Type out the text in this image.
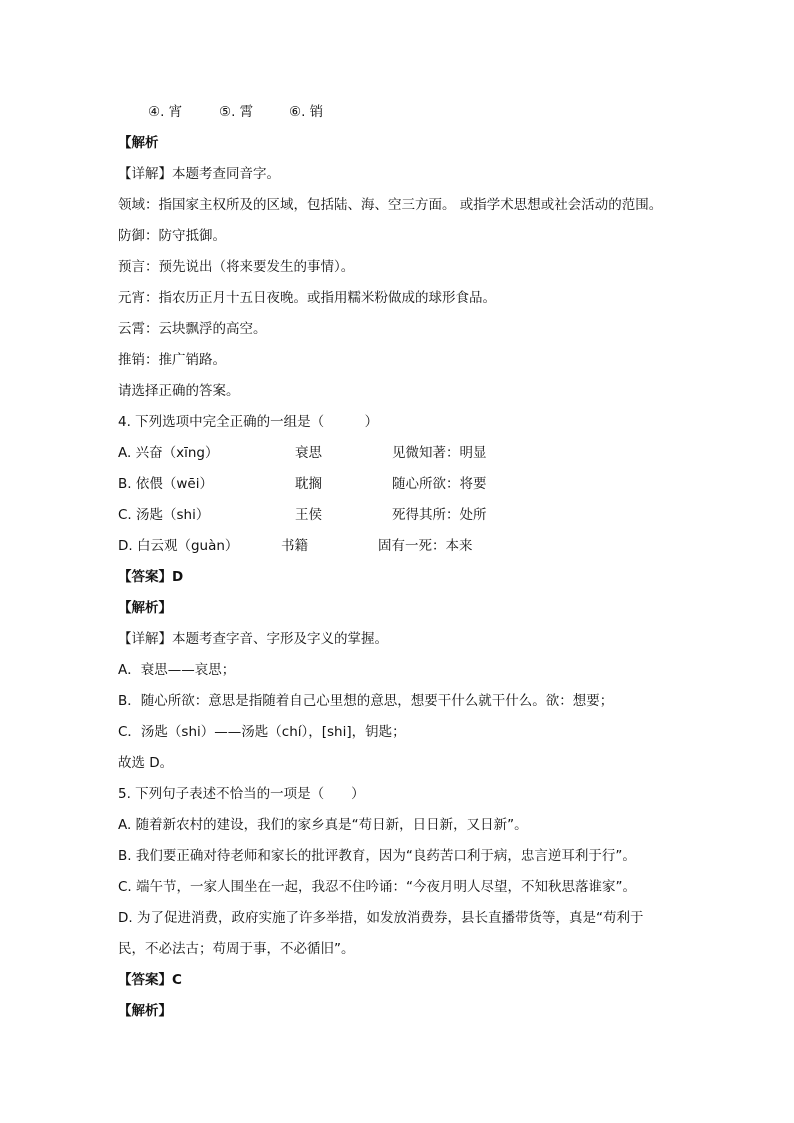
④. 宵	⑤. 霄	⑥. 销
【解析
【详解】本题考查同音字。
领域：指国家主权所及的区域，包括陆、海、空三方面。 或指学术思想或社会活动的范围。
防御：防守抵御。
预言：预先说出（将来要发生的事情）。
元宵：指农历正月十五日夜晚。或指用糯米粉做成的球形食品。
云霄：云块飘浮的高空。
推销：推广销路。
请选择正确的答案。
4. 下列选项中完全正确的一组是（　　　）
A. 兴奋（xīng）	衰思	见微知著：明显
B. 依偎（wēi）	耽搁	随心所欲：将要
C. 汤匙（shi）	王侯	死得其所：处所
D. 白云观（guàn）	书籍	固有一死：本来
【答案】D
【解析】
【详解】本题考查字音、字形及字义的掌握。
A．衰思——哀思；
B．随心所欲：意思是指随着自己心里想的意思，想要干什么就干什么。欲：想要；
C．汤匙（shi）——汤匙（chí），[shi]，钥匙；
故选 D。
5. 下列句子表述不恰当的一项是（　　）
A. 随着新农村的建设，我们的家乡真是“苟日新，日日新，又日新”。
B. 我们要正确对待老师和家长的批评教育，因为“良药苦口利于病，忠言逆耳利于行”。
C. 端午节，一家人围坐在一起，我忍不住吟诵：“今夜月明人尽望，不知秋思落谁家”。
D. 为了促进消费，政府实施了许多举措，如发放消费券，县长直播带货等，真是“苟利于
民，不必法古；苟周于事，不必循旧”。
【答案】C
【解析】
